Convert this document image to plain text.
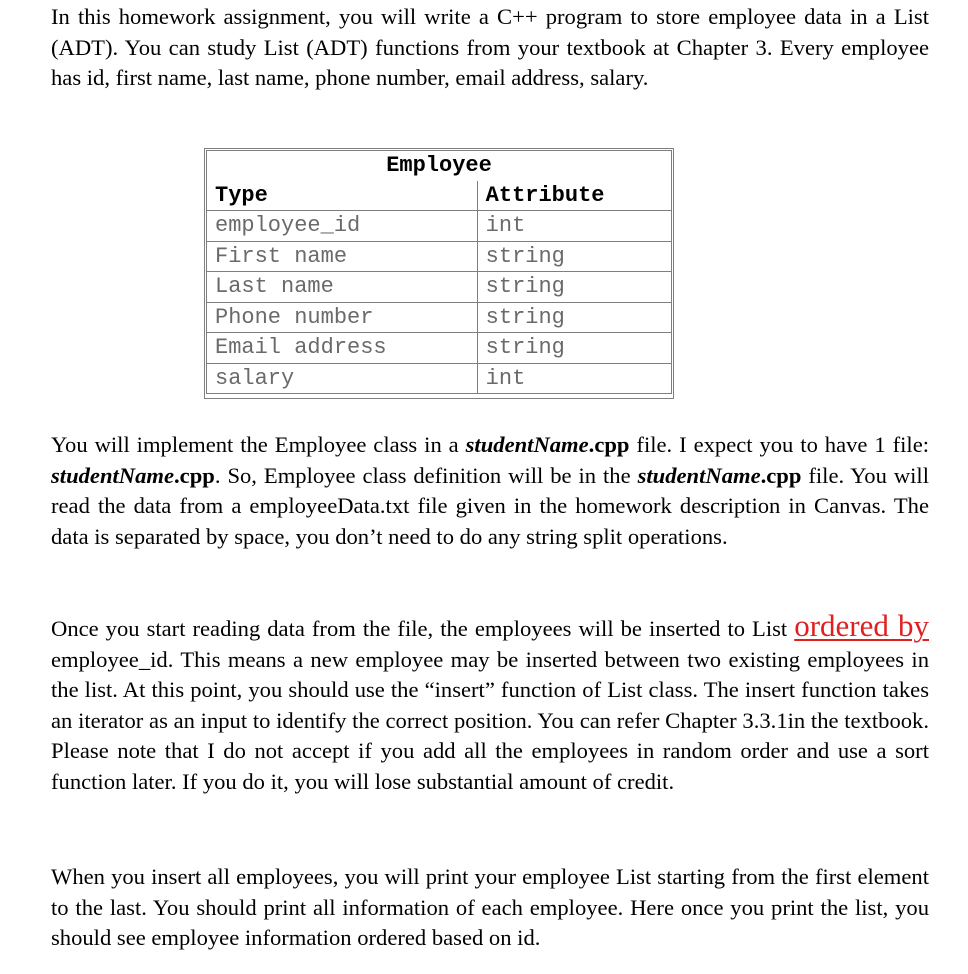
In this homework assignment, you will write a C++ program to store employee data in a List (ADT). You can study List (ADT) functions from your textbook at Chapter 3. Every employee has id, first name, last name, phone number, email address, salary.

You will implement the Employee class in a studentName.cpp file. I expect you to have 1 file: studentName.cpp. So, Employee class definition will be in the studentName.cpp file. You will read the data from a employeeData.txt file given in the homework description in Canvas. The data is separated by space, you don’t need to do any string split operations.

Once you start reading data from the file, the employees will be inserted to List ordered by employee_id. This means a new employee may be inserted between two existing employees in the list. At this point, you should use the “insert” function of List class. The insert function takes an iterator as an input to identify the correct position. You can refer Chapter 3.3.1in the textbook. Please note that I do not accept if you add all the employees in random order and use a sort function later. If you do it, you will lose substantial amount of credit.

When you insert all employees, you will print your employee List starting from the first element to the last. You should print all information of each employee. Here once you print the list, you should see employee information ordered based on id.

Employee	
Type	Attribute
employee_id	int
First name	string
Last name	string
Phone number	string
Email address	string
salary	int
